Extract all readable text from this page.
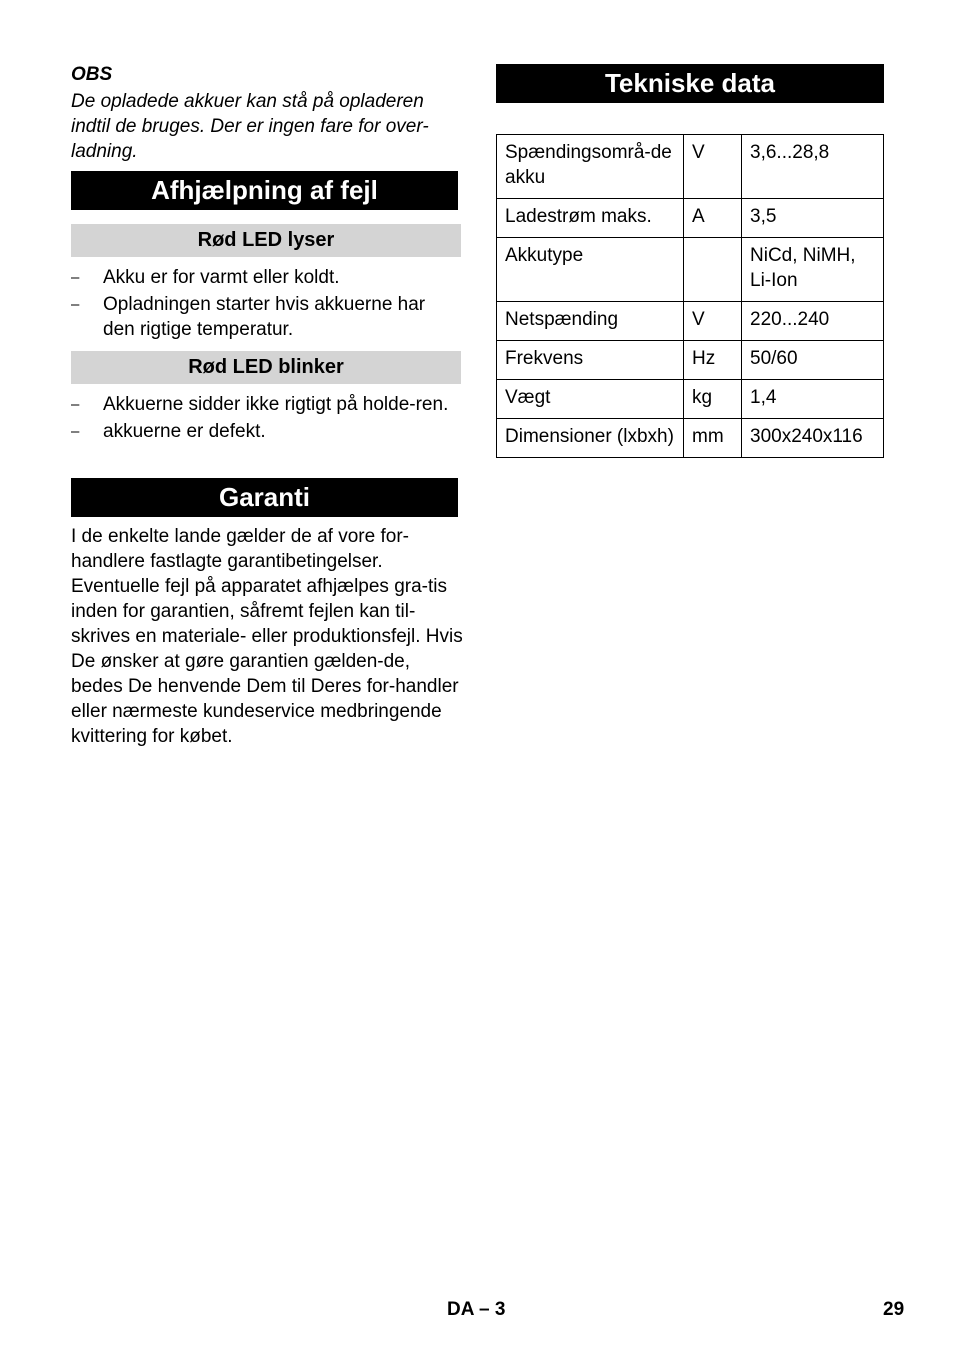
OBS
De opladede akkuer kan stå på opladeren indtil de bruges. Der er ingen fare for over-ladning.
Afhjælpning af fejl
Rød LED lyser
– Akku er for varmt eller koldt.
– Opladningen starter hvis akkuerne har den rigtige temperatur.
Rød LED blinker
– Akkuerne sidder ikke rigtigt på holde-ren.
– akkuerne er defekt.
Garanti
I de enkelte lande gælder de af vore for-handlere fastlagte garantibetingelser. Eventuelle fejl på apparatet afhjælpes gra-tis inden for garantien, såfremt fejlen kan til-skrives en materiale- eller produktionsfejl. Hvis De ønsker at gøre garantien gælden-de, bedes De henvende Dem til Deres for-handler eller nærmeste kundeservice medbringende kvittering for købet.
Tekniske data
Spændingsområ-de akku	V	3,6...28,8
Ladestrøm maks.	A	3,5
Akkutype		NiCd, NiMH, Li-Ion
Netspænding	V	220...240
Frekvens	Hz	50/60
Vægt	kg	1,4
Dimensioner (lxbxh)	mm	300x240x116
DA – 3	29
